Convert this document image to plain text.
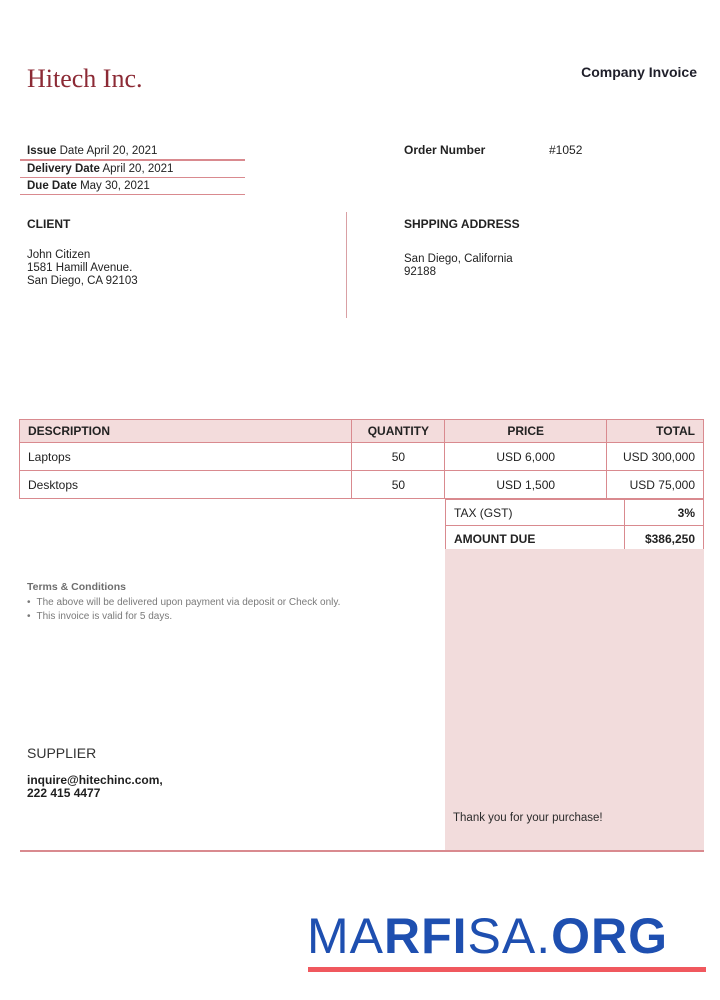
Hitech Inc.	Company Invoice
Issue Date April 20, 2021
Delivery Date April 20, 2021
Due Date May 30, 2021
Order Number	#1052
CLIENT
John Citizen
1581 Hamill Avenue.
San Diego, CA 92103
SHPPING ADDRESS
San Diego, California
92188
DESCRIPTION	QUANTITY	PRICE	TOTAL
Laptops	50	USD 6,000	USD 300,000
Desktops	50	USD 1,500	USD 75,000
TAX (GST)	3%
AMOUNT DUE	$386,250
Terms & Conditions
• The above will be delivered upon payment via deposit or Check only.
• This invoice is valid for 5 days.
SUPPLIER
inquire@hitechinc.com,
222 415 4477
Thank you for your purchase!
MARFISA.ORG
